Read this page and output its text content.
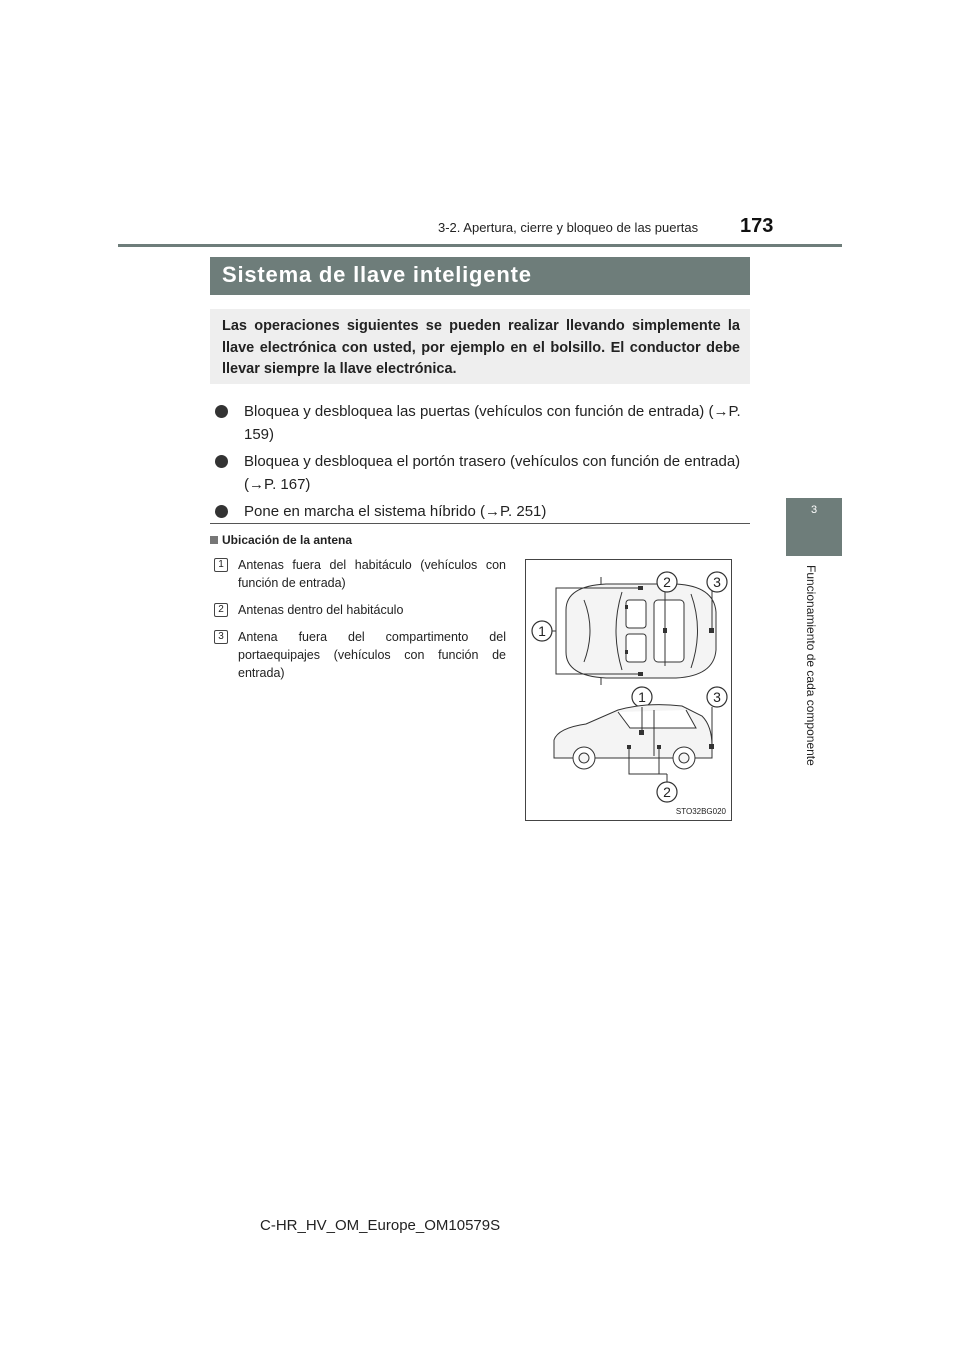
3-2. Apertura, cierre y bloqueo de las puertas 173
3
Funcionamiento de cada componente
Sistema de llave inteligente
Las operaciones siguientes se pueden realizar llevando simplemente la llave electrónica con usted, por ejemplo en el bolsillo. El conductor debe llevar siempre la llave electrónica.
Bloquea y desbloquea las puertas (vehículos con función de entrada) (→P. 159)
Bloquea y desbloquea el portón trasero (vehículos con función de entrada) (→P. 167)
Pone en marcha el sistema híbrido (→P. 251)
Ubicación de la antena
1	Antenas fuera del habitáculo (vehículos con función de entrada)
2	Antenas dentro del habitáculo
3	Antena fuera del compartimento del portaequipajes (vehículos con función de entrada)
1
2	3
1	3
2
STO32BG020
C-HR_HV_OM_Europe_OM10579S
